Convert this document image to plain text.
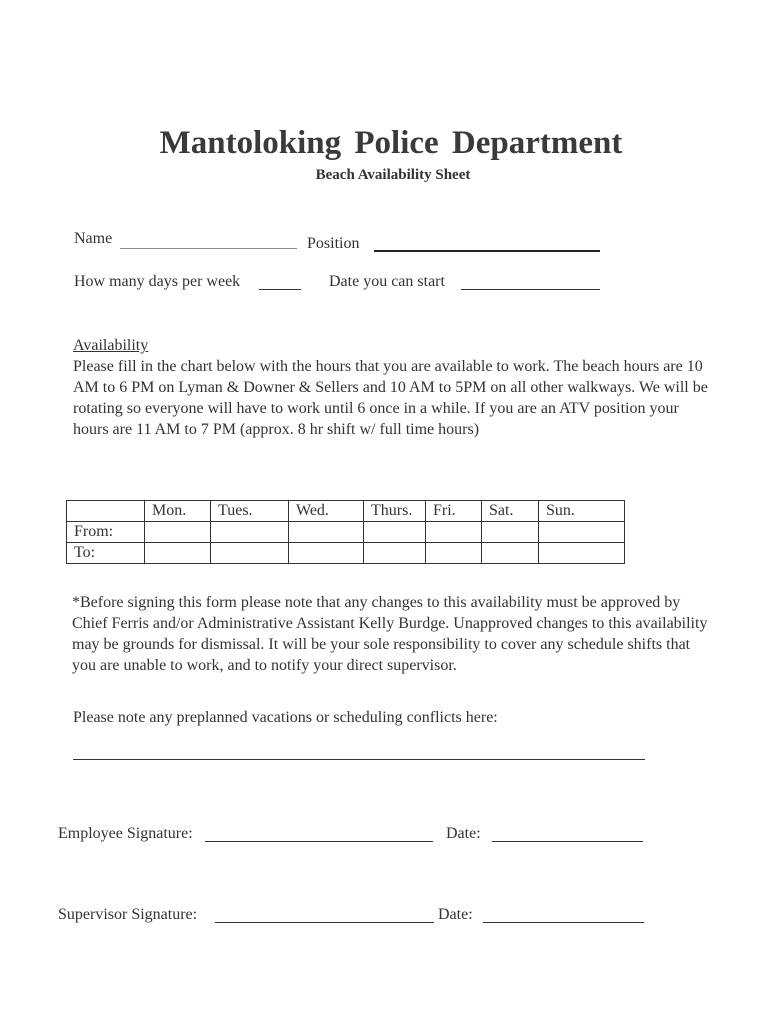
Mantoloking Police Department
Beach Availability Sheet
Name	Position
How many days per week	Date you can start
Availability
Please fill in the chart below with the hours that you are available to work. The beach hours are 10 AM to 6 PM on Lyman & Downer & Sellers and 10 AM to 5PM on all other walkways. We will be rotating so everyone will have to work until 6 once in a while. If you are an ATV position your hours are 11 AM to 7 PM (approx. 8 hr shift w/ full time hours)
	Mon.	Tues.	Wed.	Thurs.	Fri.	Sat.	Sun.
From:							
To:							
*Before signing this form please note that any changes to this availability must be approved by Chief Ferris and/or Administrative Assistant Kelly Burdge. Unapproved changes to this availability may be grounds for dismissal. It will be your sole responsibility to cover any schedule shifts that you are unable to work, and to notify your direct supervisor.
Please note any preplanned vacations or scheduling conflicts here:
Employee Signature:	Date:
Supervisor Signature:	Date:
